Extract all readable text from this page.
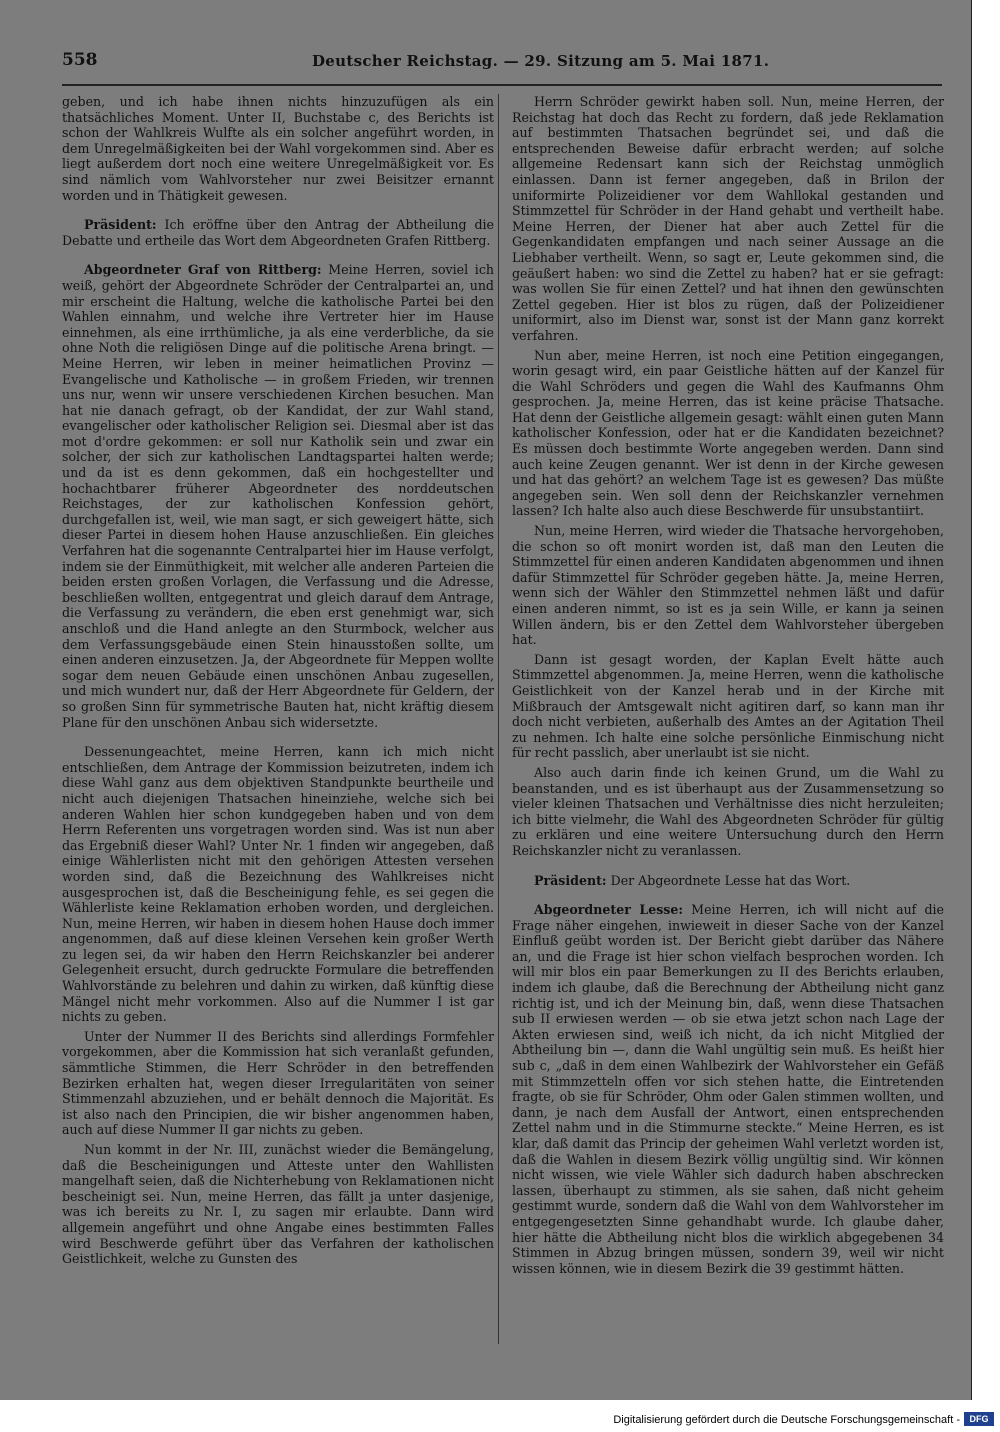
558	Deutscher Reichstag. — 29. Sitzung am 5. Mai 1871.

geben, und ich habe ihnen nichts hinzuzufügen als ein thatsächliches Moment. Unter II, Buchstabe c, des Berichts ist schon der Wahlkreis Wulfte als ein solcher angeführt worden, in dem Unregelmäßigkeiten bei der Wahl vorgekommen sind. Aber es liegt außerdem dort noch eine weitere Unregelmäßigkeit vor. Es sind nämlich vom Wahlvorsteher nur zwei Beisitzer ernannt worden und in Thätigkeit gewesen.

Präsident: Ich eröffne über den Antrag der Abtheilung die Debatte und ertheile das Wort dem Abgeordneten Grafen Rittberg.

Abgeordneter Graf von Rittberg: Meine Herren, soviel ich weiß, gehört der Abgeordnete Schröder der Centralpartei an, und mir erscheint die Haltung, welche die katholische Partei bei den Wahlen einnahm, und welche ihre Vertreter hier im Hause einnehmen, als eine irrthümliche, ja als eine verderbliche, da sie ohne Noth die religiösen Dinge auf die politische Arena bringt. — Meine Herren, wir leben in meiner heimatlichen Provinz — Evangelische und Katholische — in großem Frieden, wir trennen uns nur, wenn wir unsere verschiedenen Kirchen besuchen. Man hat nie danach gefragt, ob der Kandidat, der zur Wahl stand, evangelischer oder katholischer Religion sei. Diesmal aber ist das mot d'ordre gekommen: er soll nur Katholik sein und zwar ein solcher, der sich zur katholischen Landtagspartei halten werde; und da ist es denn gekommen, daß ein hochgestellter und hochachtbarer früherer Abgeordneter des norddeutschen Reichstages, der zur katholischen Konfession gehört, durchgefallen ist, weil, wie man sagt, er sich geweigert hätte, sich dieser Partei in diesem hohen Hause anzuschließen. Ein gleiches Verfahren hat die sogenannte Centralpartei hier im Hause verfolgt, indem sie der Einmüthigkeit, mit welcher alle anderen Parteien die beiden ersten großen Vorlagen, die Verfassung und die Adresse, beschließen wollten, entgegentrat und gleich darauf dem Antrage, die Verfassung zu verändern, die eben erst genehmigt war, sich anschloß und die Hand anlegte an den Sturmbock, welcher aus dem Verfassungsgebäude einen Stein hinausstoßen sollte, um einen anderen einzusetzen. Ja, der Abgeordnete für Meppen wollte sogar dem neuen Gebäude einen unschönen Anbau zugesellen, und mich wundert nur, daß der Herr Abgeordnete für Geldern, der so großen Sinn für symmetrische Bauten hat, nicht kräftig diesem Plane für den unschönen Anbau sich widersetzte.

Dessenungeachtet, meine Herren, kann ich mich nicht entschließen, dem Antrage der Kommission beizutreten, indem ich diese Wahl ganz aus dem objektiven Standpunkte beurtheile und nicht auch diejenigen Thatsachen hineinziehe, welche sich bei anderen Wahlen hier schon kundgegeben haben und von dem Herrn Referenten uns vorgetragen worden sind. Was ist nun aber das Ergebniß dieser Wahl? Unter Nr. 1 finden wir angegeben, daß einige Wählerlisten nicht mit den gehörigen Attesten versehen worden sind, daß die Bezeichnung des Wahlkreises nicht ausgesprochen ist, daß die Bescheinigung fehle, es sei gegen die Wählerliste keine Reklamation erhoben worden, und dergleichen. Nun, meine Herren, wir haben in diesem hohen Hause doch immer angenommen, daß auf diese kleinen Versehen kein großer Werth zu legen sei, da wir haben den Herrn Reichskanzler bei anderer Gelegenheit ersucht, durch gedruckte Formulare die betreffenden Wahlvorstände zu belehren und dahin zu wirken, daß künftig diese Mängel nicht mehr vorkommen. Also auf die Nummer I ist gar nichts zu geben.

Unter der Nummer II des Berichts sind allerdings Formfehler vorgekommen, aber die Kommission hat sich veranlaßt gefunden, sämmtliche Stimmen, die Herr Schröder in den betreffenden Bezirken erhalten hat, wegen dieser Irregularitäten von seiner Stimmenzahl abzuziehen, und er behält dennoch die Majorität. Es ist also nach den Principien, die wir bisher angenommen haben, auch auf diese Nummer II gar nichts zu geben.

Nun kommt in der Nr. III, zunächst wieder die Bemängelung, daß die Bescheinigungen und Atteste unter den Wahllisten mangelhaft seien, daß die Nichterhebung von Reklamationen nicht bescheinigt sei. Nun, meine Herren, das fällt ja unter dasjenige, was ich bereits zu Nr. I, zu sagen mir erlaubte. Dann wird allgemein angeführt und ohne Angabe eines bestimmten Falles wird Beschwerde geführt über das Verfahren der katholischen Geistlichkeit, welche zu Gunsten des

Herrn Schröder gewirkt haben soll. Nun, meine Herren, der Reichstag hat doch das Recht zu fordern, daß jede Reklamation auf bestimmten Thatsachen begründet sei, und daß die entsprechenden Beweise dafür erbracht werden; auf solche allgemeine Redensart kann sich der Reichstag unmöglich einlassen. Dann ist ferner angegeben, daß in Brilon der uniformirte Polizeidiener vor dem Wahllokal gestanden und Stimmzettel für Schröder in der Hand gehabt und vertheilt habe. Meine Herren, der Diener hat aber auch Zettel für die Gegenkandidaten empfangen und nach seiner Aussage an die Liebhaber vertheilt. Wenn, so sagt er, Leute gekommen sind, die geäußert haben: wo sind die Zettel zu haben? hat er sie gefragt: was wollen Sie für einen Zettel? und hat ihnen den gewünschten Zettel gegeben. Hier ist blos zu rügen, daß der Polizeidiener uniformirt, also im Dienst war, sonst ist der Mann ganz korrekt verfahren.

Nun aber, meine Herren, ist noch eine Petition eingegangen, worin gesagt wird, ein paar Geistliche hätten auf der Kanzel für die Wahl Schröders und gegen die Wahl des Kaufmanns Ohm gesprochen. Ja, meine Herren, das ist keine präcise Thatsache. Hat denn der Geistliche allgemein gesagt: wählt einen guten Mann katholischer Konfession, oder hat er die Kandidaten bezeichnet? Es müssen doch bestimmte Worte angegeben werden. Dann sind auch keine Zeugen genannt. Wer ist denn in der Kirche gewesen und hat das gehört? an welchem Tage ist es gewesen? Das müßte angegeben sein. Wen soll denn der Reichskanzler vernehmen lassen? Ich halte also auch diese Beschwerde für unsubstantiirt.

Nun, meine Herren, wird wieder die Thatsache hervorgehoben, die schon so oft monirt worden ist, daß man den Leuten die Stimmzettel für einen anderen Kandidaten abgenommen und ihnen dafür Stimmzettel für Schröder gegeben hätte. Ja, meine Herren, wenn sich der Wähler den Stimmzettel nehmen läßt und dafür einen anderen nimmt, so ist es ja sein Wille, er kann ja seinen Willen ändern, bis er den Zettel dem Wahlvorsteher übergeben hat.

Dann ist gesagt worden, der Kaplan Evelt hätte auch Stimmzettel abgenommen. Ja, meine Herren, wenn die katholische Geistlichkeit von der Kanzel herab und in der Kirche mit Mißbrauch der Amtsgewalt nicht agitiren darf, so kann man ihr doch nicht verbieten, außerhalb des Amtes an der Agitation Theil zu nehmen. Ich halte eine solche persönliche Einmischung nicht für recht passlich, aber unerlaubt ist sie nicht.

Also auch darin finde ich keinen Grund, um die Wahl zu beanstanden, und es ist überhaupt aus der Zusammensetzung so vieler kleinen Thatsachen und Verhältnisse dies nicht herzuleiten; ich bitte vielmehr, die Wahl des Abgeordneten Schröder für gültig zu erklären und eine weitere Untersuchung durch den Herrn Reichskanzler nicht zu veranlassen.

Präsident: Der Abgeordnete Lesse hat das Wort.

Abgeordneter Lesse: Meine Herren, ich will nicht auf die Frage näher eingehen, inwieweit in dieser Sache von der Kanzel Einfluß geübt worden ist. Der Bericht giebt darüber das Nähere an, und die Frage ist hier schon vielfach besprochen worden. Ich will mir blos ein paar Bemerkungen zu II des Berichts erlauben, indem ich glaube, daß die Berechnung der Abtheilung nicht ganz richtig ist, und ich der Meinung bin, daß, wenn diese Thatsachen sub II erwiesen werden — ob sie etwa jetzt schon nach Lage der Akten erwiesen sind, weiß ich nicht, da ich nicht Mitglied der Abtheilung bin —, dann die Wahl ungültig sein muß. Es heißt hier sub c, „daß in dem einen Wahlbezirk der Wahlvorsteher ein Gefäß mit Stimmzetteln offen vor sich stehen hatte, die Eintretenden fragte, ob sie für Schröder, Ohm oder Galen stimmen wollten, und dann, je nach dem Ausfall der Antwort, einen entsprechenden Zettel nahm und in die Stimmurne steckte.“ Meine Herren, es ist klar, daß damit das Princip der geheimen Wahl verletzt worden ist, daß die Wahlen in diesem Bezirk völlig ungültig sind. Wir können nicht wissen, wie viele Wähler sich dadurch haben abschrecken lassen, überhaupt zu stimmen, als sie sahen, daß nicht geheim gestimmt wurde, sondern daß die Wahl von dem Wahlvorsteher im entgegengesetzten Sinne gehandhabt wurde. Ich glaube daher, hier hätte die Abtheilung nicht blos die wirklich abgegebenen 34 Stimmen in Abzug bringen müssen, sondern 39, weil wir nicht wissen können, wie in diesem Bezirk die 39 gestimmt hätten.

Digitalisierung gefördert durch die Deutsche Forschungsgemeinschaft -	DFG
